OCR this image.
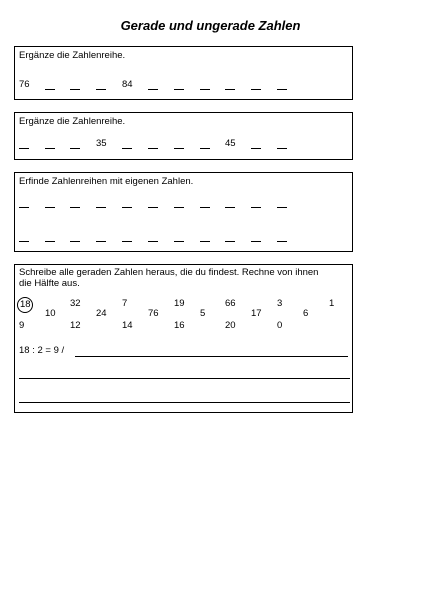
Gerade und ungerade Zahlen
Ergänze die Zahlenreihe.
76	84
Ergänze die Zahlenreihe.
35	45
Erfinde Zahlenreihen mit eigenen Zahlen.
Schreibe alle geraden Zahlen heraus, die du findest. Rechne von ihnen
die Hälfte aus.
18	32	7	19	66	3	1
10	24	76	5	17	6
9	12	14	16	20	0
18 : 2 = 9 /
